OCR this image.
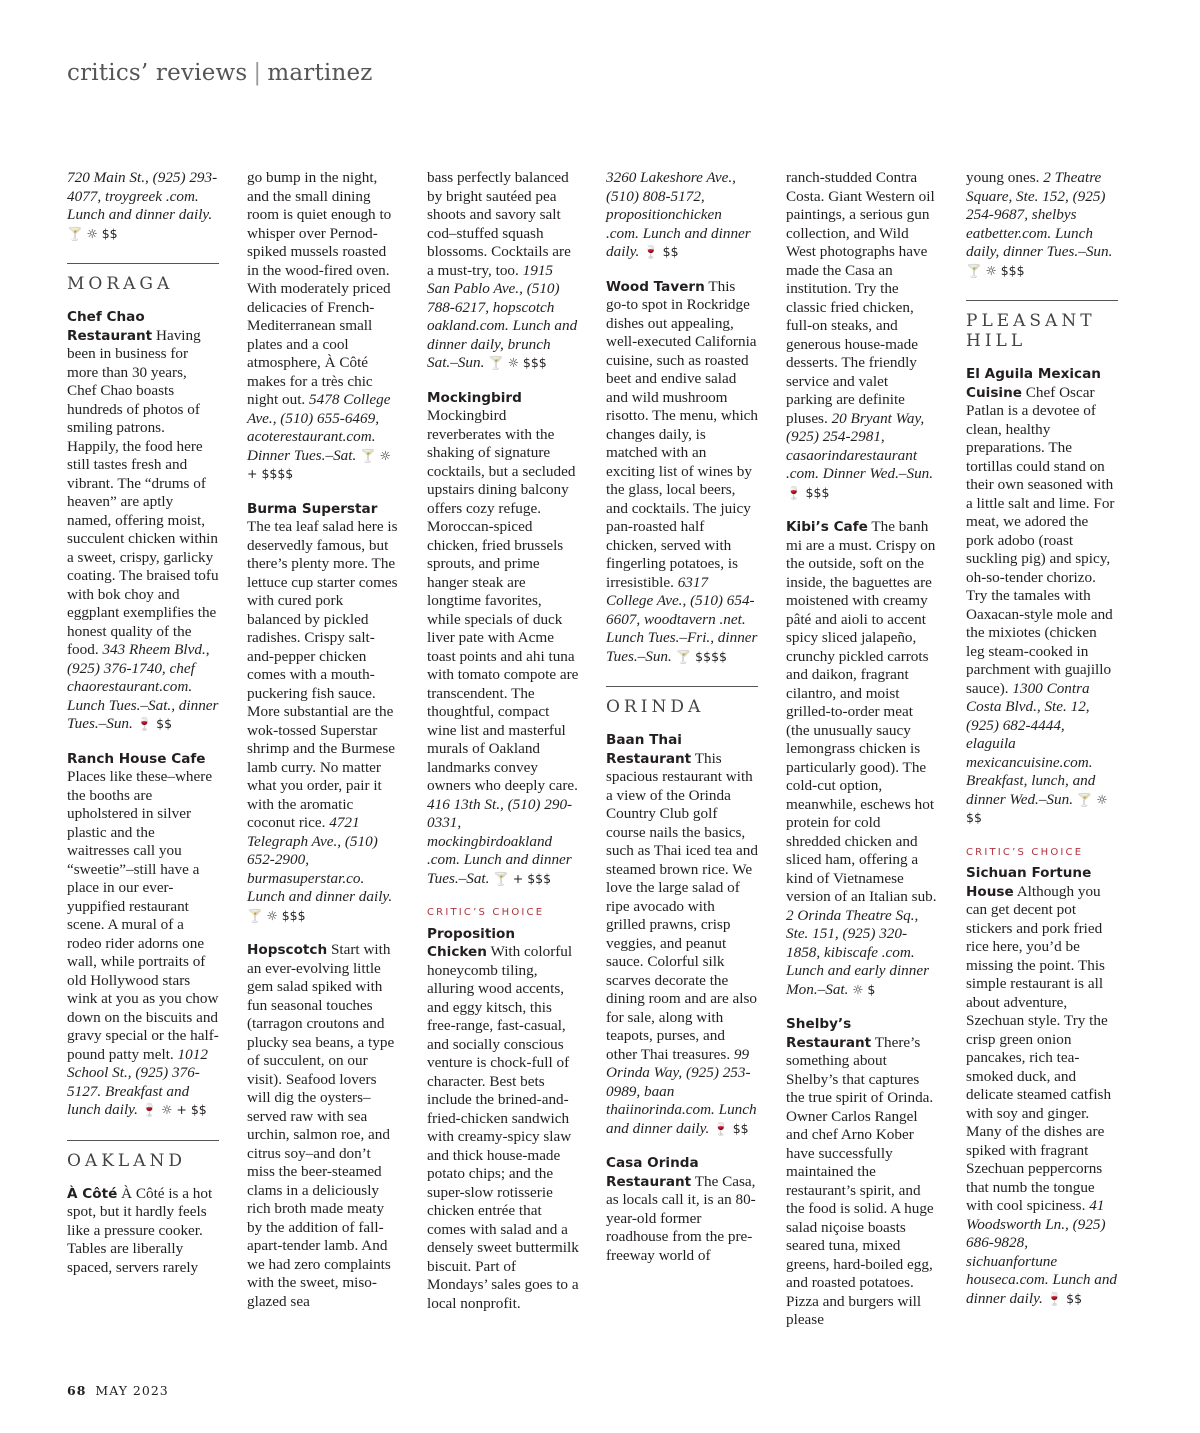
critics’ reviews | martinez

720 Main St., (925) 293-4077, troygreek .com. Lunch and dinner daily. 🍸 ☼ $$

MORAGA

Chef Chao Restaurant Having been in business for more than 30 years, Chef Chao boasts hundreds of photos of smiling patrons. Happily, the food here still tastes fresh and vibrant. The “drums of heaven” are aptly named, offering moist, succulent chicken within a sweet, crispy, garlicky coating. The braised tofu with bok choy and eggplant exemplifies the honest quality of the food. 343 Rheem Blvd., (925) 376-1740, chef chaorestaurant.com. Lunch Tues.–Sat., dinner Tues.–Sun. 🍷 $$

Ranch House Cafe Places like these–where the booths are upholstered in silver plastic and the waitresses call you “sweetie”–still have a place in our ever-yuppified restaurant scene. A mural of a rodeo rider adorns one wall, while portraits of old Hollywood stars wink at you as you chow down on the biscuits and gravy special or the half-pound patty melt. 1012 School St., (925) 376-5127. Breakfast and lunch daily. 🍷 ☼ + $$

OAKLAND

À Côté À Côté is a hot spot, but it hardly feels like a pressure cooker. Tables are liberally spaced, servers rarely

go bump in the night, and the small dining room is quiet enough to whisper over Pernod-spiked mussels roasted in the wood-fired oven. With moderately priced delicacies of French-Mediterranean small plates and a cool atmosphere, À Côté makes for a très chic night out. 5478 College Ave., (510) 655-6469, acoterestaurant.com. Dinner Tues.–Sat. 🍸 ☼ + $$$$

Burma Superstar The tea leaf salad here is deservedly famous, but there’s plenty more. The lettuce cup starter comes with cured pork balanced by pickled radishes. Crispy salt-and-pepper chicken comes with a mouth-puckering fish sauce. More substantial are the wok-tossed Superstar shrimp and the Burmese lamb curry. No matter what you order, pair it with the aromatic coconut rice. 4721 Telegraph Ave., (510) 652-2900, burmasuperstar.co. Lunch and dinner daily. 🍸 ☼ $$$

Hopscotch Start with an ever-evolving little gem salad spiked with fun seasonal touches (tarragon croutons and plucky sea beans, a type of succulent, on our visit). Seafood lovers will dig the oysters–served raw with sea urchin, salmon roe, and citrus soy–and don’t miss the beer-steamed clams in a deliciously rich broth made meaty by the addition of fall-apart-tender lamb. And we had zero complaints with the sweet, miso-glazed sea

bass perfectly balanced by bright sautéed pea shoots and savory salt cod–stuffed squash blossoms. Cocktails are a must-try, too. 1915 San Pablo Ave., (510) 788-6217, hopscotch oakland.com. Lunch and dinner daily, brunch Sat.–Sun. 🍸 ☼ $$$

Mockingbird Mockingbird reverberates with the shaking of signature cocktails, but a secluded upstairs dining balcony offers cozy refuge. Moroccan-spiced chicken, fried brussels sprouts, and prime hanger steak are longtime favorites, while specials of duck liver pate with Acme toast points and ahi tuna with tomato compote are transcendent. The thoughtful, compact wine list and masterful murals of Oakland landmarks convey owners who deeply care. 416 13th St., (510) 290-0331, mockingbirdoakland .com. Lunch and dinner Tues.–Sat. 🍸 + $$$

CRITIC’S CHOICE

Proposition Chicken With colorful honeycomb tiling, alluring wood accents, and eggy kitsch, this free-range, fast-casual, and socially conscious venture is chock-full of character. Best bets include the brined-and-fried-chicken sandwich with creamy-spicy slaw and thick house-made potato chips; and the super-slow rotisserie chicken entrée that comes with salad and a densely sweet buttermilk biscuit. Part of Mondays’ sales goes to a local nonprofit.

3260 Lakeshore Ave., (510) 808-5172, propositionchicken .com. Lunch and dinner daily. 🍷 $$

Wood Tavern This go-to spot in Rockridge dishes out appealing, well-executed California cuisine, such as roasted beet and endive salad and wild mushroom risotto. The menu, which changes daily, is matched with an exciting list of wines by the glass, local beers, and cocktails. The juicy pan-roasted half chicken, served with fingerling potatoes, is irresistible. 6317 College Ave., (510) 654-6607, woodtavern .net. Lunch Tues.–Fri., dinner Tues.–Sun. 🍸 $$$$

ORINDA

Baan Thai Restaurant This spacious restaurant with a view of the Orinda Country Club golf course nails the basics, such as Thai iced tea and steamed brown rice. We love the large salad of ripe avocado with grilled prawns, crisp veggies, and peanut sauce. Colorful silk scarves decorate the dining room and are also for sale, along with teapots, purses, and other Thai treasures. 99 Orinda Way, (925) 253-0989, baan thaiinorinda.com. Lunch and dinner daily. 🍷 $$

Casa Orinda Restaurant The Casa, as locals call it, is an 80-year-old former roadhouse from the pre-freeway world of

ranch-studded Contra Costa. Giant Western oil paintings, a serious gun collection, and Wild West photographs have made the Casa an institution. Try the classic fried chicken, full-on steaks, and generous house-made desserts. The friendly service and valet parking are definite pluses. 20 Bryant Way, (925) 254-2981, casaorindarestaurant .com. Dinner Wed.–Sun. 🍷 $$$

Kibi’s Cafe The banh mi are a must. Crispy on the outside, soft on the inside, the baguettes are moistened with creamy pâté and aioli to accent spicy sliced jalapeño, crunchy pickled carrots and daikon, fragrant cilantro, and moist grilled-to-order meat (the unusually saucy lemongrass chicken is particularly good). The cold-cut option, meanwhile, eschews hot protein for cold shredded chicken and sliced ham, offering a kind of Vietnamese version of an Italian sub. 2 Orinda Theatre Sq., Ste. 151, (925) 320-1858, kibiscafe .com. Lunch and early dinner Mon.–Sat. ☼ $

Shelby’s Restaurant There’s something about Shelby’s that captures the true spirit of Orinda. Owner Carlos Rangel and chef Arno Kober have successfully maintained the restaurant’s spirit, and the food is solid. A huge salad niçoise boasts seared tuna, mixed greens, hard-boiled egg, and roasted potatoes. Pizza and burgers will please

young ones. 2 Theatre Square, Ste. 152, (925) 254-9687, shelbys eatbetter.com. Lunch daily, dinner Tues.–Sun. 🍸 ☼ $$$

PLEASANT HILL

El Aguila Mexican Cuisine Chef Oscar Patlan is a devotee of clean, healthy preparations. The tortillas could stand on their own seasoned with a little salt and lime. For meat, we adored the pork adobo (roast suckling pig) and spicy, oh-so-tender chorizo. Try the tamales with Oaxacan-style mole and the mixiotes (chicken leg steam-cooked in parchment with guajillo sauce). 1300 Contra Costa Blvd., Ste. 12, (925) 682-4444, elaguila mexicancuisine.com. Breakfast, lunch, and dinner Wed.–Sun. 🍸 ☼ $$

CRITIC’S CHOICE

Sichuan Fortune House Although you can get decent pot stickers and pork fried rice here, you’d be missing the point. This simple restaurant is all about adventure, Szechuan style. Try the crisp green onion pancakes, rich tea-smoked duck, and delicate steamed catfish with soy and ginger. Many of the dishes are spiked with fragrant Szechuan peppercorns that numb the tongue with cool spiciness. 41 Woodsworth Ln., (925) 686-9828, sichuanfortune houseca.com. Lunch and dinner daily. 🍷 $$

68 MAY 2023
